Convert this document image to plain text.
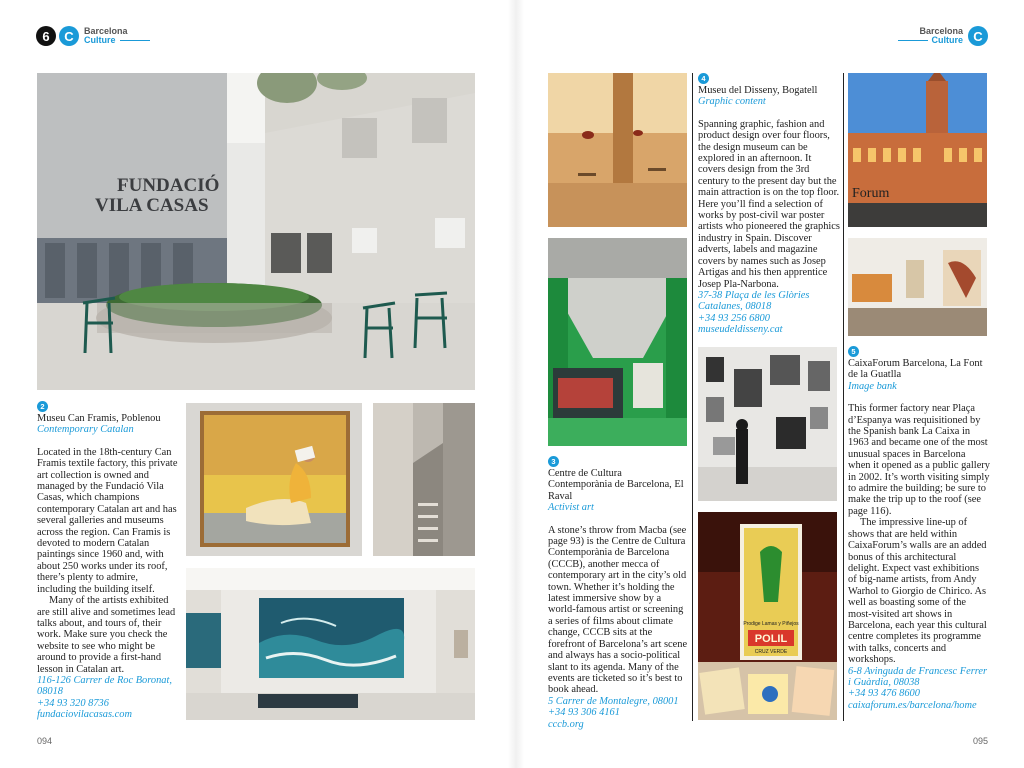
6	C	Barcelona
Culture
Barcelona
Culture C
FUNDACIÓ
VILA CASAS
2
Museu Can Framis, Poblenou
Contemporary Catalan

Located in the 18th-century Can Framis textile factory, this private art collection is owned and managed by the Fundació Vila Casas, which champions contemporary Catalan art and has several galleries and museums across the region. Can Framis is devoted to modern Catalan paintings since 1960 and, with about 250 works under its roof, there’s plenty to admire, including the building itself.

Many of the artists exhibited are still alive and sometimes lead talks about, and tours of, their work. Make sure you check the website to see who might be around to provide a first-hand lesson in Catalan art.

116-126 Carrer de Roc Boronat, 08018
+34 93 320 8736
fundaciovilacasas.com
Prodige Lamas y Piñejos
POLIL
CRUZ VERDE
Forum
3
Centre de Cultura Contemporània de Barcelona, El Raval
Activist art

A stone’s throw from Macba (see page 93) is the Centre de Cultura Contemporània de Barcelona (CCCB), another mecca of contemporary art in the city’s old town. Whether it’s holding the latest immersive show by a world-famous artist or screening a series of films about climate change, CCCB sits at the forefront of Barcelona’s art scene and always has a socio-political slant to its agenda. Many of the events are ticketed so it’s best to book ahead.

5 Carrer de Montalegre, 08001
+34 93 306 4161
cccb.org
4
Museu del Disseny, Bogatell
Graphic content

Spanning graphic, fashion and product design over four floors, the design museum can be explored in an afternoon. It covers design from the 3rd century to the present day but the main attraction is on the top floor. Here you’ll find a selection of works by post-civil war poster artists who pioneered the graphics industry in Spain. Discover adverts, labels and magazine covers by names such as Josep Artigas and his then apprentice Josep Pla-Narbona.

37-38 Plaça de les Glòries Catalanes, 08018
+34 93 256 6800
museudeldisseny.cat
5
CaixaForum Barcelona, La Font de la Guatlla
Image bank

This former factory near Plaça d’Espanya was requisitioned by the Spanish bank La Caixa in 1963 and became one of the most unusual spaces in Barcelona when it opened as a public gallery in 2002. It’s worth visiting simply to admire the building; be sure to make the trip up to the roof (see page 116).

The impressive line-up of shows that are held within CaixaForum’s walls are an added bonus of this architectural delight. Expect vast exhibitions of big-name artists, from Andy Warhol to Giorgio de Chirico. As well as boasting some of the most-visited art shows in Barcelona, each year this cultural centre completes its programme with talks, concerts and workshops.

6-8 Avinguda de Francesc Ferrer i Guàrdia, 08038
+34 93 476 8600
caixaforum.es/barcelona/home
094	095
